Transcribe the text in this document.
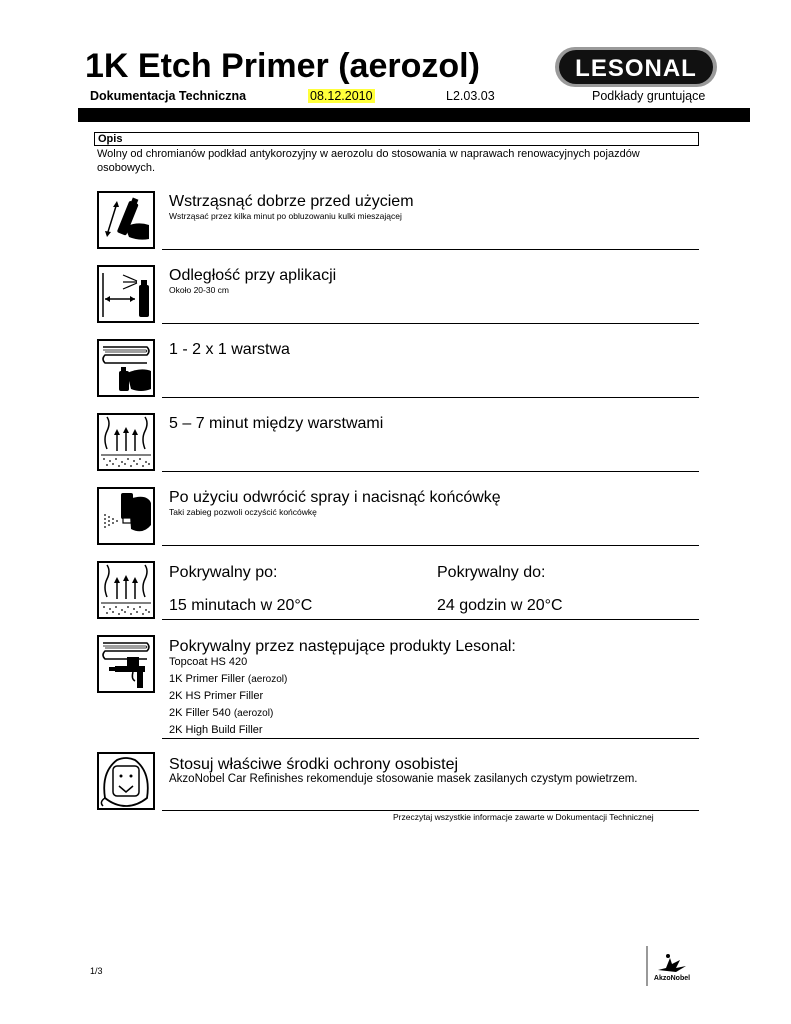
1K Etch Primer (aerozol)	LESONAL
Dokumentacja Techniczna	08.12.2010	L2.03.03	Podkłady gruntujące
Opis
Wolny od chromianów podkład antykorozyjny w aerozolu do stosowania w naprawach renowacyjnych pojazdów osobowych.
Wstrząsnąć dobrze przed użyciem
Wstrząsać przez kilka minut po obluzowaniu kulki mieszającej
Odległość przy aplikacji
Około 20-30 cm
1 - 2 x 1 warstwa
5 – 7 minut między warstwami
Po użyciu odwrócić spray i nacisnąć końcówkę
Taki zabieg pozwoli oczyścić końcówkę
Pokrywalny po:	Pokrywalny do:
15 minutach w 20°C	24 godzin w 20°C
Pokrywalny przez następujące produkty Lesonal:
Topcoat HS 420
1K Primer Filler (aerozol)
2K HS Primer Filler
2K Filler 540 (aerozol)
2K High Build Filler
Stosuj właściwe środki ochrony osobistej
AkzoNobel Car Refinishes rekomenduje stosowanie masek zasilanych czystym powietrzem.
Przeczytaj wszystkie informacje zawarte w Dokumentacji Technicznej
1/3
AkzoNobel
